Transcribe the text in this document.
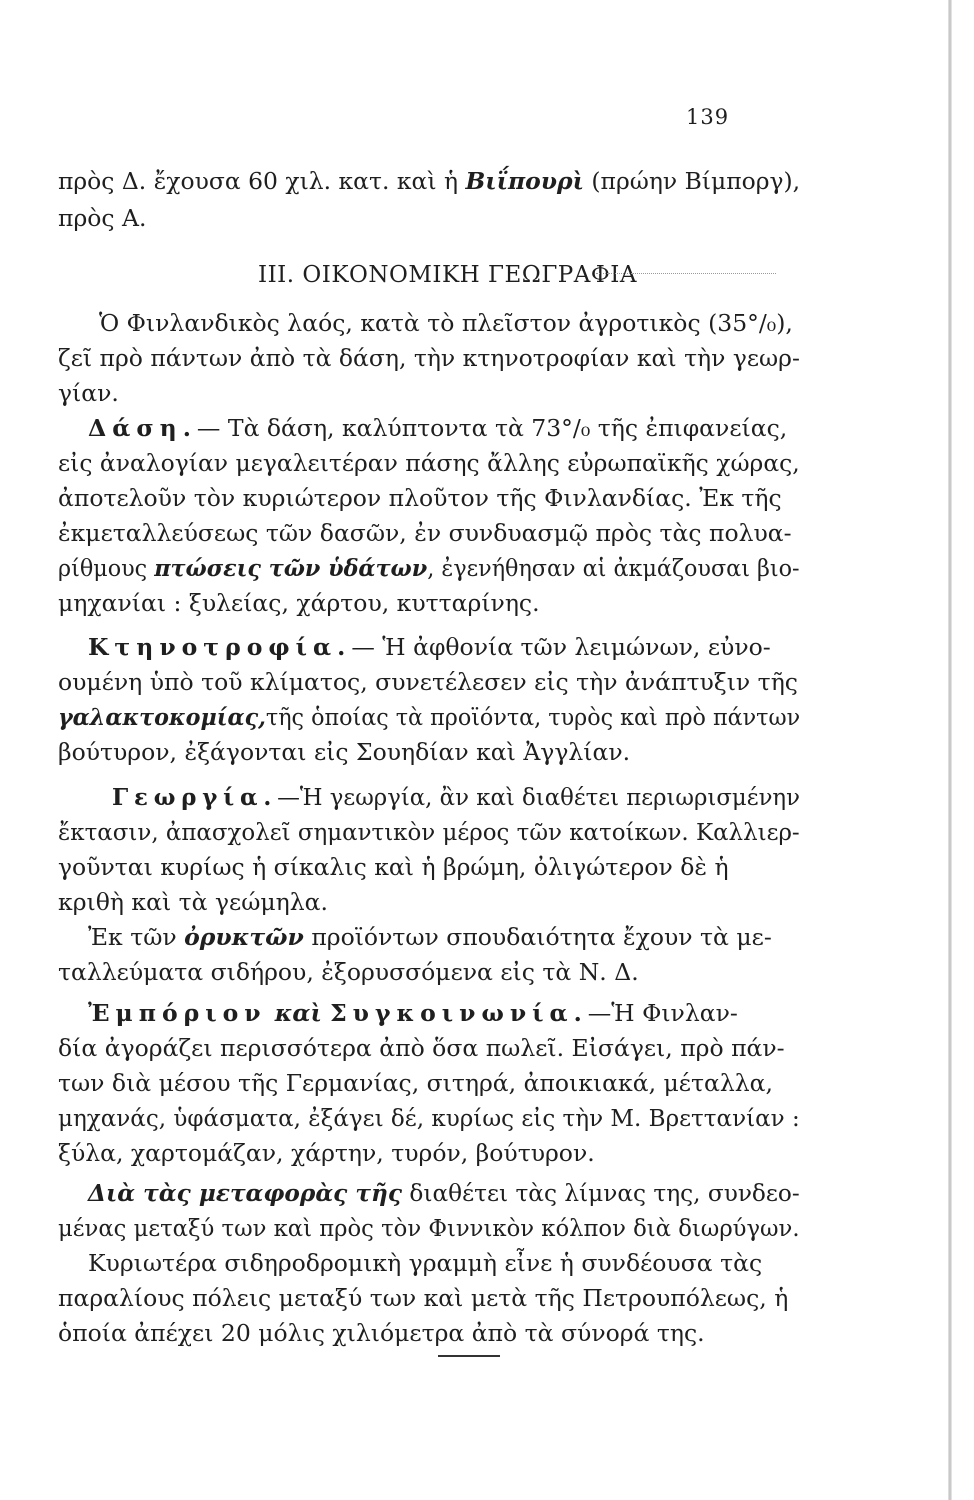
139
πρὸς Δ. ἔχουσα 60 χιλ. κατ. καὶ ἡ Βιΐπουρὶ (πρώην Βίμποργ),
πρὸς Α.
III. ΟΙΚΟΝΟΜΙΚΗ ΓΕΩΓΡΑΦΙΑ
Ὁ Φινλανδικὸς λαός, κατὰ τὸ πλεῖστον ἀγροτικὸς (35°/₀),
ζεῖ πρὸ πάντων ἀπὸ τὰ δάση, τὴν κτηνοτροφίαν καὶ τὴν γεωρ-
γίαν.
Δάση.— Τὰ δάση, καλύπτοντα τὰ 73°/₀ τῆς ἐπιφανείας,
εἰς ἀναλογίαν μεγαλειτέραν πάσης ἄλλης εὐρωπαϊκῆς χώρας,
ἀποτελοῦν τὸν κυριώτερον πλοῦτον τῆς Φινλανδίας. Ἐκ τῆς
ἐκμεταλλεύσεως τῶν δασῶν, ἐν συνδυασμῷ πρὸς τὰς πολυα-
ρίθμους πτώσεις τῶν ὑδάτων, ἐγενήθησαν αἱ ἀκμάζουσαι βιο-
μηχανίαι : ξυλείας, χάρτου, κυτταρίνης.
Κτηνοτροφία.— Ἡ ἀφθονία τῶν λειμώνων, εὐνο-
ουμένη ὑπὸ τοῦ κλίματος, συνετέλεσεν εἰς τὴν ἀνάπτυξιν τῆς
γαλακτοκομίας,τῆς ὁποίας τὰ προϊόντα, τυρὸς καὶ πρὸ πάντων
βούτυρον, ἐξάγονται εἰς Σουηδίαν καὶ Ἀγγλίαν.
Γεωργία.—Ἡ γεωργία, ἂν καὶ διαθέτει περιωρισμένην
ἔκτασιν, ἀπασχολεῖ σημαντικὸν μέρος τῶν κατοίκων. Καλλιερ-
γοῦνται κυρίως ἡ σίκαλις καὶ ἡ βρώμη, ὀλιγώτερον δὲ ἡ
κριθὴ καὶ τὰ γεώμηλα.
Ἐκ τῶν ὀρυκτῶν προϊόντων σπουδαιότητα ἔχουν τὰ με-
ταλλεύματα σιδήρου, ἐξορυσσόμενα εἰς τὰ Ν. Δ.
Ἐμπόριον καὶ Συγκοινωνία.—Ἡ Φινλαν-
δία ἀγοράζει περισσότερα ἀπὸ ὅσα πωλεῖ. Εἰσάγει, πρὸ πάν-
των διὰ μέσου τῆς Γερμανίας, σιτηρά, ἀποικιακά, μέταλλα,
μηχανάς, ὑφάσματα, ἐξάγει δέ, κυρίως εἰς τὴν Μ. Βρεττανίαν :
ξύλα, χαρτομάζαν, χάρτην, τυρόν, βούτυρον.
Διὰ τὰς μεταφορὰς τῆς διαθέτει τὰς λίμνας της, συνδεο-
μένας μεταξύ των καὶ πρὸς τὸν Φιννικὸν κόλπον διὰ διωρύγων.
Κυριωτέρα σιδηροδρομικὴ γραμμὴ εἶνε ἡ συνδέουσα τὰς
παραλίους πόλεις μεταξύ των καὶ μετὰ τῆς Πετρουπόλεως, ἡ
ὁποία ἀπέχει 20 μόλις χιλιόμετρα ἀπὸ τὰ σύνορά της.
